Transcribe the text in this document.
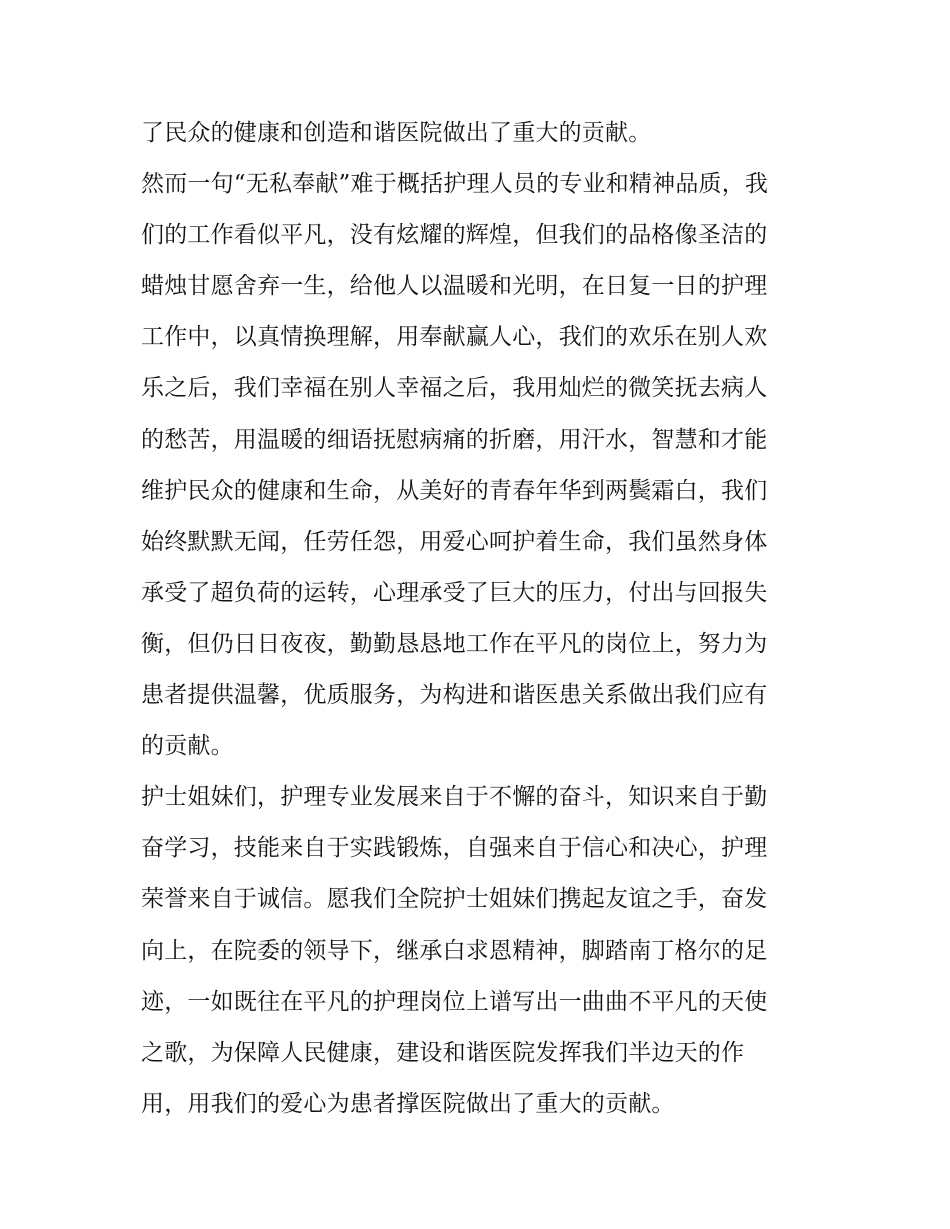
了民众的健康和创造和谐医院做出了重大的贡献。
然而一句“无私奉献”难于概括护理人员的专业和精神品质，我
们的工作看似平凡，没有炫耀的辉煌，但我们的品格像圣洁的
蜡烛甘愿舍弃一生，给他人以温暖和光明，在日复一日的护理
工作中，以真情换理解，用奉献赢人心，我们的欢乐在别人欢
乐之后，我们幸福在别人幸福之后，我用灿烂的微笑抚去病人
的愁苦，用温暖的细语抚慰病痛的折磨，用汗水，智慧和才能
维护民众的健康和生命，从美好的青春年华到两鬓霜白，我们
始终默默无闻，任劳任怨，用爱心呵护着生命，我们虽然身体
承受了超负荷的运转，心理承受了巨大的压力，付出与回报失
衡，但仍日日夜夜，勤勤恳恳地工作在平凡的岗位上，努力为
患者提供温馨，优质服务，为构进和谐医患关系做出我们应有
的贡献。
护士姐妹们，护理专业发展来自于不懈的奋斗，知识来自于勤
奋学习，技能来自于实践锻炼，自强来自于信心和决心，护理
荣誉来自于诚信。愿我们全院护士姐妹们携起友谊之手，奋发
向上，在院委的领导下，继承白求恩精神，脚踏南丁格尔的足
迹，一如既往在平凡的护理岗位上谱写出一曲曲不平凡的天使
之歌，为保障人民健康，建设和谐医院发挥我们半边天的作
用，用我们的爱心为患者撑医院做出了重大的贡献。
